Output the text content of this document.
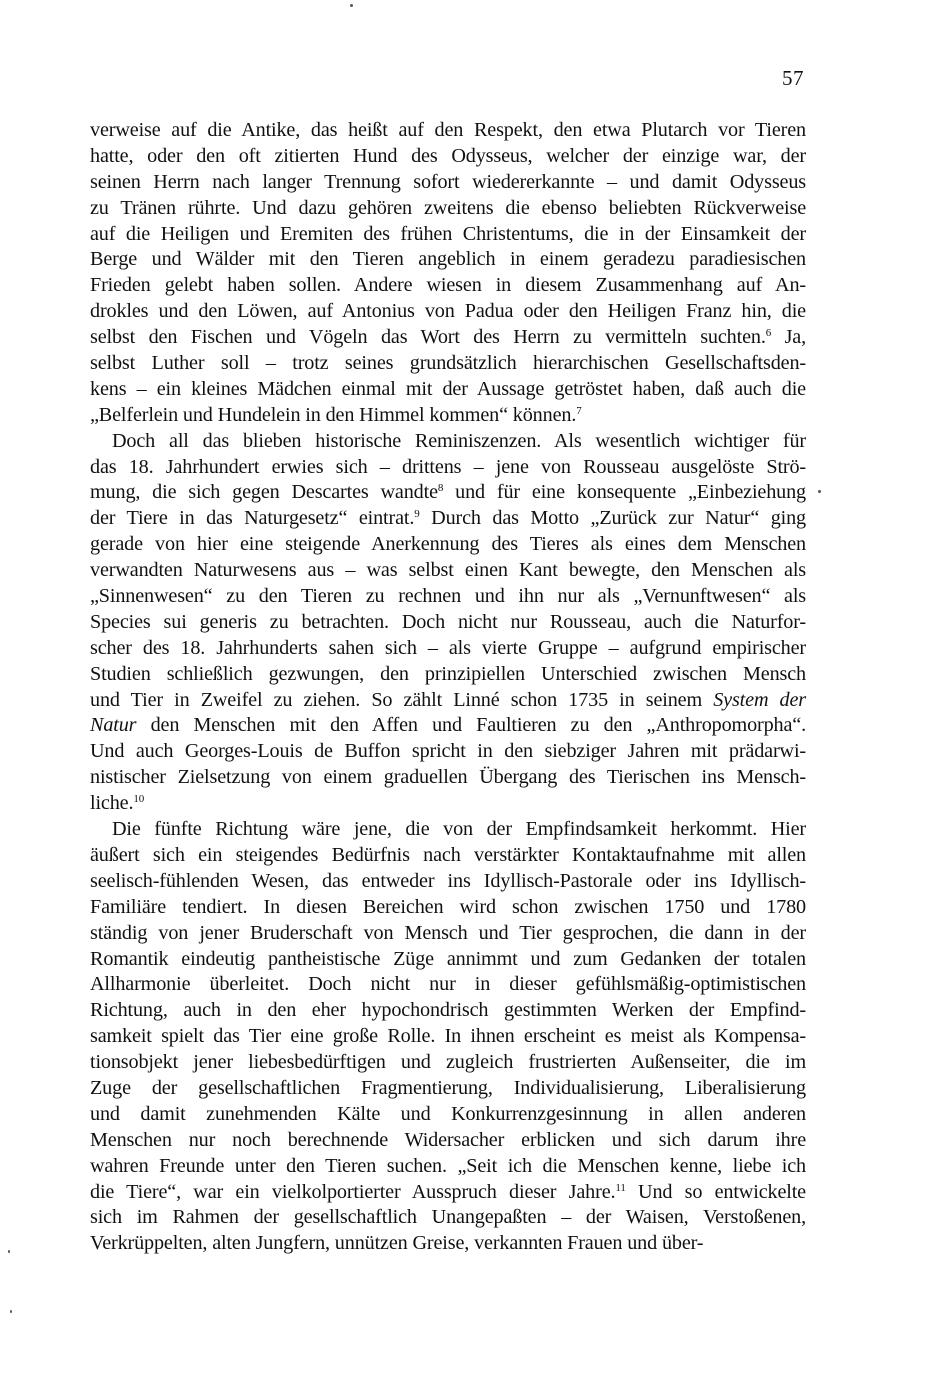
57
verweise auf die Antike, das heißt auf den Respekt, den etwa Plutarch vor Tieren
hatte, oder den oft zitierten Hund des Odysseus, welcher der einzige war, der
seinen Herrn nach langer Trennung sofort wiedererkannte – und damit Odysseus
zu Tränen rührte. Und dazu gehören zweitens die ebenso beliebten Rückverweise
auf die Heiligen und Eremiten des frühen Christentums, die in der Einsamkeit der
Berge und Wälder mit den Tieren angeblich in einem geradezu paradiesischen
Frieden gelebt haben sollen. Andere wiesen in diesem Zusammenhang auf An-
drokles und den Löwen, auf Antonius von Padua oder den Heiligen Franz hin, die
selbst den Fischen und Vögeln das Wort des Herrn zu vermitteln suchten.$^6$ Ja,
selbst Luther soll – trotz seines grundsätzlich hierarchischen Gesellschaftsden-
kens – ein kleines Mädchen einmal mit der Aussage getröstet haben, daß auch die
„Belferlein und Hundelein in den Himmel kommen“ können.$^7$
Doch all das blieben historische Reminiszenzen. Als wesentlich wichtiger für
das 18. Jahrhundert erwies sich – drittens – jene von Rousseau ausgelöste Strö-
mung, die sich gegen Descartes wandte$^8$ und für eine konsequente „Einbeziehung
der Tiere in das Naturgesetz“ eintrat.$^9$ Durch das Motto „Zurück zur Natur“ ging
gerade von hier eine steigende Anerkennung des Tieres als eines dem Menschen
verwandten Naturwesens aus – was selbst einen Kant bewegte, den Menschen als
„Sinnenwesen“ zu den Tieren zu rechnen und ihn nur als „Vernunftwesen“ als
Species sui generis zu betrachten. Doch nicht nur Rousseau, auch die Naturfor-
scher des 18. Jahrhunderts sahen sich – als vierte Gruppe – aufgrund empirischer
Studien schließlich gezwungen, den prinzipiellen Unterschied zwischen Mensch
und Tier in Zweifel zu ziehen. So zählt Linné schon 1735 in seinem System der
Natur den Menschen mit den Affen und Faultieren zu den „Anthropomorpha“.
Und auch Georges-Louis de Buffon spricht in den siebziger Jahren mit prädarwi-
nistischer Zielsetzung von einem graduellen Übergang des Tierischen ins Mensch-
liche.$^{10}$
Die fünfte Richtung wäre jene, die von der Empfindsamkeit herkommt. Hier
äußert sich ein steigendes Bedürfnis nach verstärkter Kontaktaufnahme mit allen
seelisch-fühlenden Wesen, das entweder ins Idyllisch-Pastorale oder ins Idyllisch-
Familiäre tendiert. In diesen Bereichen wird schon zwischen 1750 und 1780
ständig von jener Bruderschaft von Mensch und Tier gesprochen, die dann in der
Romantik eindeutig pantheistische Züge annimmt und zum Gedanken der totalen
Allharmonie überleitet. Doch nicht nur in dieser gefühlsmäßig-optimistischen
Richtung, auch in den eher hypochondrisch gestimmten Werken der Empfind-
samkeit spielt das Tier eine große Rolle. In ihnen erscheint es meist als Kompensa-
tionsobjekt jener liebesbedürftigen und zugleich frustrierten Außenseiter, die im
Zuge der gesellschaftlichen Fragmentierung, Individualisierung, Liberalisierung
und damit zunehmenden Kälte und Konkurrenzgesinnung in allen anderen
Menschen nur noch berechnende Widersacher erblicken und sich darum ihre
wahren Freunde unter den Tieren suchen. „Seit ich die Menschen kenne, liebe ich
die Tiere“, war ein vielkolportierter Ausspruch dieser Jahre.$^{11}$ Und so entwickelte
sich im Rahmen der gesellschaftlich Unangepaßten – der Waisen, Verstoßenen,
Verkrüppelten, alten Jungfern, unnützen Greise, verkannten Frauen und über-
